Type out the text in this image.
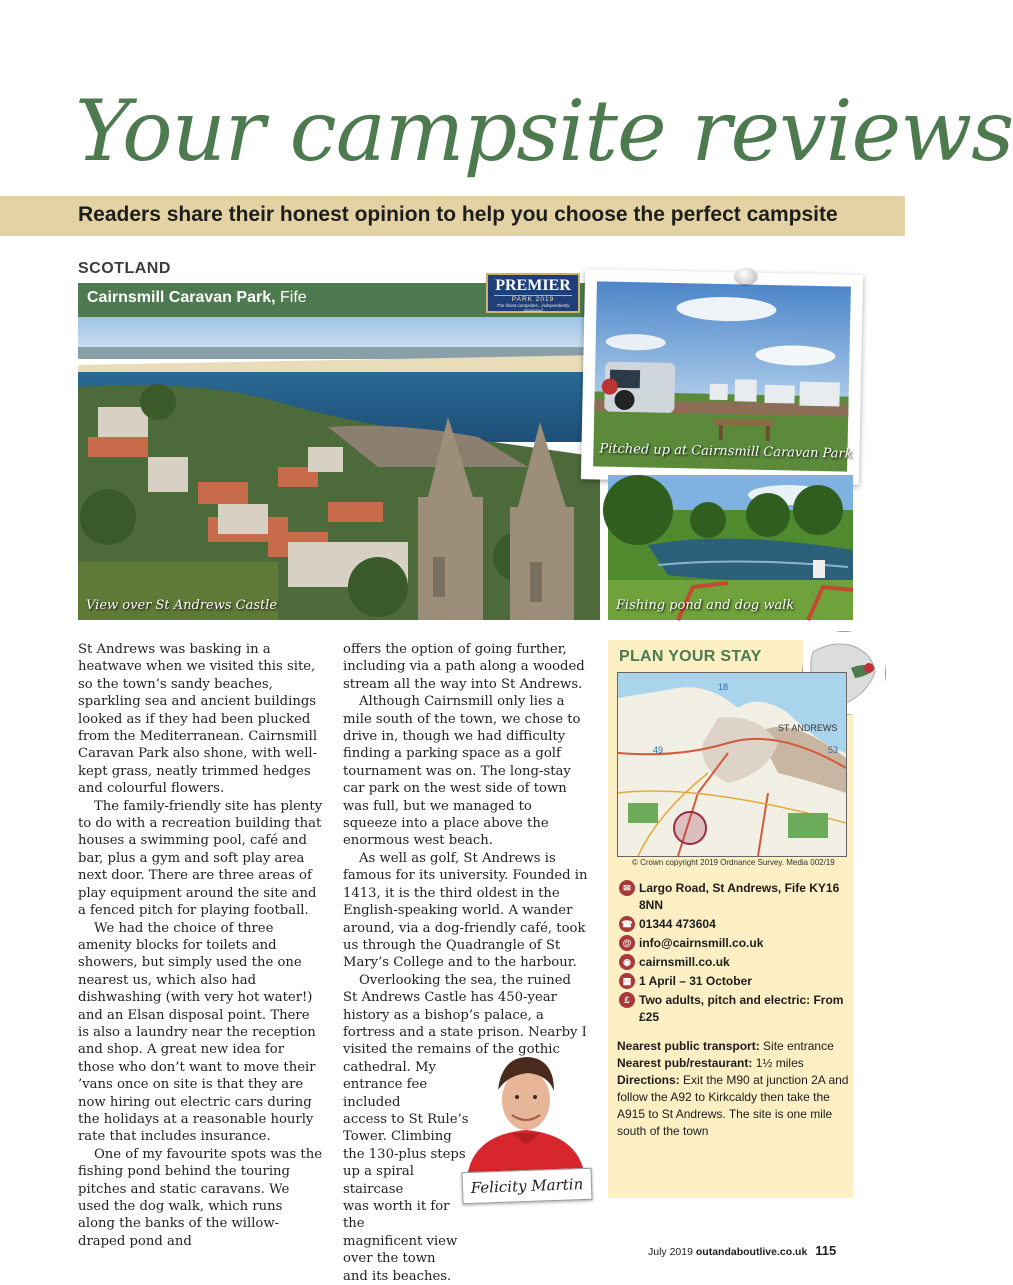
Your campsite reviews
Readers share their honest opinion to help you choose the perfect campsite
SCOTLAND
Cairnsmill Caravan Park, Fife
View over St Andrews Castle
PREMIER
PARK 2019
The finest campsites...independently assessed
Pitched up at Cairnsmill Caravan Park
Fishing pond and dog walk

St Andrews was basking in a heatwave when we visited this site, so the town’s sandy beaches, sparkling sea and ancient buildings looked as if they had been plucked from the Mediterranean. Cairnsmill Caravan Park also shone, with well-kept grass, neatly trimmed hedges and colourful flowers.

The family-friendly site has plenty to do with a recreation building that houses a swimming pool, café and bar, plus a gym and soft play area next door. There are three areas of play equipment around the site and a fenced pitch for playing football.

We had the choice of three amenity blocks for toilets and showers, but simply used the one nearest us, which also had dishwashing (with very hot water!) and an Elsan disposal point. There is also a laundry near the reception and shop. A great new idea for those who don’t want to move their ’vans once on site is that they are now hiring out electric cars during the holidays at a reasonable hourly rate that includes insurance.

One of my favourite spots was the fishing pond behind the touring pitches and static caravans. We used the dog walk, which runs along the banks of the willow-draped pond and

offers the option of going further, including via a path along a wooded stream all the way into St Andrews.

Although Cairnsmill only lies a mile south of the town, we chose to drive in, though we had difficulty finding a parking space as a golf tournament was on. The long-stay car park on the west side of town was full, but we managed to squeeze into a place above the enormous west beach.

As well as golf, St Andrews is famous for its university. Founded in 1413, it is the third oldest in the English-speaking world. A wander around, via a dog-friendly café, took us through the Quadrangle of St Mary’s College and to the harbour.

Overlooking the sea, the ruined St Andrews Castle has 450-year history as a bishop’s palace, a fortress and a state prison. Nearby I visited the remains of the gothic cathedral. My

entrance fee included
access to St Rule’s
Tower. Climbing
the 130-plus steps
up a spiral staircase
was worth it for the
magnificent view
over the town
and its beaches.
Felicity Martin
PLAN YOUR STAY
ST ANDREWS
18
49	53
© Crown copyright 2019 Ordnance Survey. Media 002/19
✉ Largo Road, St Andrews, Fife KY16 8NN
☎ 01344 473604
@ info@cairnsmill.co.uk
◉ cairnsmill.co.uk
▦ 1 April – 31 October
£ Two adults, pitch and electric: From £25

Nearest public transport: Site entrance

Nearest pub/restaurant: 1½ miles

Directions: Exit the M90 at junction 2A and follow the A92 to Kirkcaldy then take the A915 to St Andrews. The site is one mile south of the town

July 2019 outandaboutlive.co.uk 115
